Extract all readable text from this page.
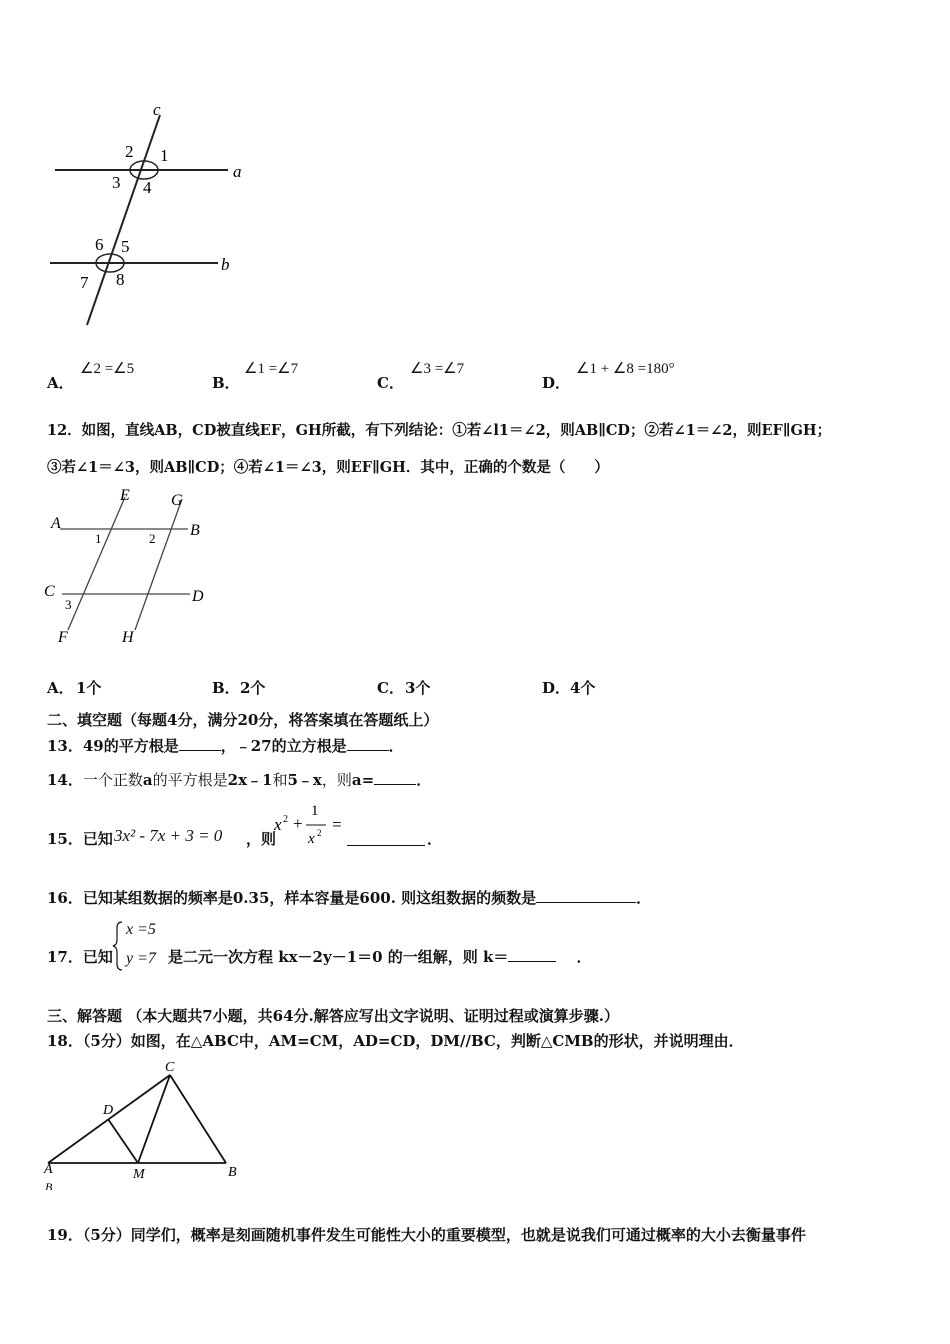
c
a
b
1
2
3 4
5
6
7 8
A．
∠2 =∠5
B．
∠1 =∠7
C．
∠3 =∠7
D．
∠1 + ∠8 =180°
12．如图，直线AB，CD被直线EF，GH所截，有下列结论：①若∠l1＝∠2，则AB∥CD；②若∠1＝∠2，则EF∥GH；
③若∠1＝∠3，则AB∥CD；④若∠1＝∠3，则EF∥GH．其中，正确的个数是（　　）
E	G
A	B
1	2
C	D
3
F	H
A． 1个	B． 2个	C． 3个	D． 4个
二、填空题（每题4分，满分20分，将答案填在答题纸上）
13．49的平方根是	，﹣27的立方根是	．
14．一个正数a的平方根是2x﹣1和5﹣x，则a=	．
15．已知 3x² - 7x + 3 = 0 ，则
x 2 +
1
x 2 =
．
16．已知某组数据的频率是0.35，样本容量是600. 则这组数据的频数是	．
17．已知
x =5
y =7 是二元一次方程 kx－2y－1＝0 的一组解，则 k＝	．
三、解答题 （本大题共7小题，共64分.解答应写出文字说明、证明过程或演算步骤.）
18．（5分）如图，在△ABC中，AM=CM，AD=CD，DM//BC，判断△CMB的形状，并说明理由．
C
D
A	M	B
B
19．（5分）同学们，概率是刻画随机事件发生可能性大小的重要模型，也就是说我们可通过概率的大小去衡量事件
